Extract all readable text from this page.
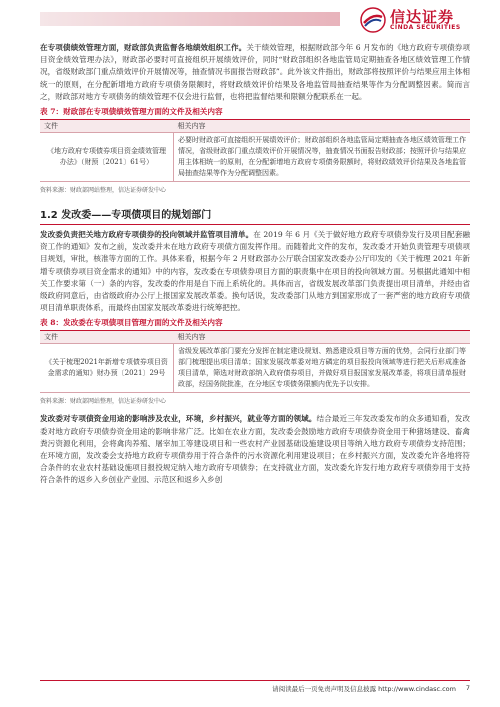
信达证券
CINDA SECURITIES

在专项债绩效管理方面，财政部负责监督各地绩效组织工作。关于绩效管理，根据财政部今年 6 月发布的《地方政府专项债券项目资金绩效管理办法》，财政部必要时可直接组织开展绩效评价，同时“财政部组织各地监管局定期抽查各地区绩效管理工作情况，省级财政部门重点绩效评价开展情况等，抽查情况书面报告财政部”。此外该文件指出，财政部将按照评价与结果应用主体相统一的原则，在分配新增地方政府专项债务限额时，将财政绩效评价结果及各地监管局抽查结果等作为分配调整因素。简而言之，财政部对地方专项债务的绩效管理不仅会进行监督，也将把监督结果和限额分配联系在一起。

表 7：财政部在专项债绩效管理方面的文件及相关内容
文件	相关内容
《地方政府专项债券项目资金绩效管理办法》（财预〔2021〕61号）	必要时财政部可直接组织开展绩效评价；财政部组织各地监管局定期抽查各地区绩效管理工作情况，省级财政部门重点绩效评价开展情况等，抽查情况书面报告财政部；按照评价与结果应用主体相统一的原则，在分配新增地方政府专项债务限额时，将财政绩效评价结果及各地监管局抽查结果等作为分配调整因素。
资料来源：财政部网站整理，信达证券研发中心
1.2 发改委——专项债项目的规划部门

发改委负责把关地方政府专项债券的投向领域并监管项目清单。在 2019 年 6 月《关于做好地方政府专项债券发行及项目配套融资工作的通知》发布之前，发改委并未在地方政府专项债方面发挥作用。而随着此文件的发布，发改委才开始负责管理专项债项目规划，审批，核准等方面的工作。具体来看，根据今年 2 月财政部办公厅联合国家发改委办公厅印发的《关于梳理 2021 年新增专项债券项目资金需求的通知》中的内容，发改委在专项债券项目方面的职责集中在项目的投向领域方面。另根据此通知中相关工作要求第（一）条的内容，发改委的作用是自下而上系统化的。具体而言，省级发展改革部门负责提出项目清单，并经由省级政府同意后，由省级政府办公厅上报国家发展改革委。换句话说，发改委部门从地方到国家形成了一套严密的地方政府专项债项目清单职责体系，而最终由国家发展改革委进行统筹把控。

表 8：发改委在专项债项目管理方面的文件及相关内容
文件	相关内容
《关于梳理2021年新增专项债券项目资金需求的通知》财办预〔2021〕29号	省级发展改革部门要充分发挥在制定建设规划、熟悉建设项目等方面的优势，会同行业部门等部门梳理提出项目清单；国家发展改革委对地方磷定的项目报投向领域等进行把关后形成准备项目清单，筛选对财政部纳入政府债券项目，并做好项目报国家发展改革委，将项目清单报财政部，经国务院批准，在分地区专项债务限额内优先予以安排。
资料来源：财政部网站整理，信达证券研发中心

发改委对专项债资金用途的影响涉及农业，环境，乡村振兴，就业等方面的领域。结合最近三年发改委发布的众多通知看，发改委对地方政府专项债券资金用途的影响非常广泛。比如在农业方面，发改委会鼓励地方政府专项债券资金用于种猪场建设、畜禽粪污资源化利用，会将禽肉养殖、屠宰加工等建设项目和一些农村产业园基础设施建设项目等纳入地方政府专项债券支持范围；在环境方面，发改委会支持地方政府专项债券用于符合条件的污水资源化利用建设项目；在乡村振兴方面，发改委允许各地将符合条件的农业农村基础设施项目报投规定纳入地方政府专项债券；在支持就业方面，发改委允许发行地方政府专项债券用于支持符合条件的返乡入乡创业产业园、示范区和返乡入乡创

请阅读最后一页免责声明及信息披露 http://www.cindasc.com 7
